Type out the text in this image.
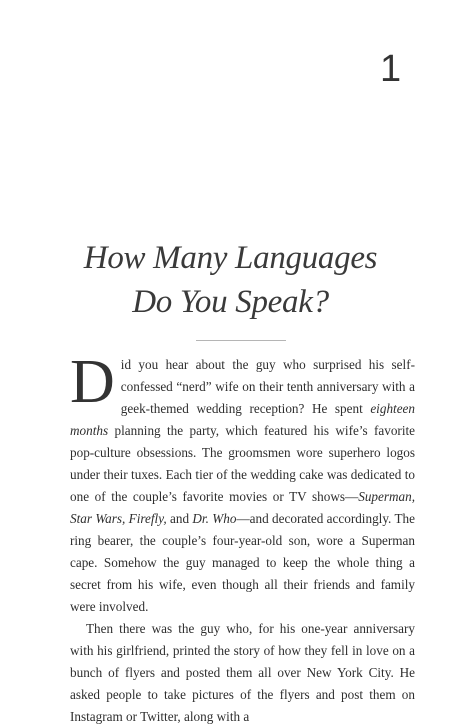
1
How Many Languages
Do You Speak?

Did you hear about the guy who surprised his self-confessed “nerd” wife on their tenth anniversary with a geek-themed wedding reception? He spent eighteen months planning the party, which featured his wife’s favorite pop-culture obsessions. The groomsmen wore superhero logos under their tuxes. Each tier of the wedding cake was dedicated to one of the couple’s favorite movies or TV shows—Superman, Star Wars, Firefly, and Dr. Who—and decorated accordingly. The ring bearer, the couple’s four-year-old son, wore a Superman cape. Somehow the guy managed to keep the whole thing a secret from his wife, even though all their friends and family were involved.

Then there was the guy who, for his one-year anniversary with his girlfriend, printed the story of how they fell in love on a bunch of flyers and posted them all over New York City. He asked people to take pictures of the flyers and post them on Instagram or Twitter, along with a
